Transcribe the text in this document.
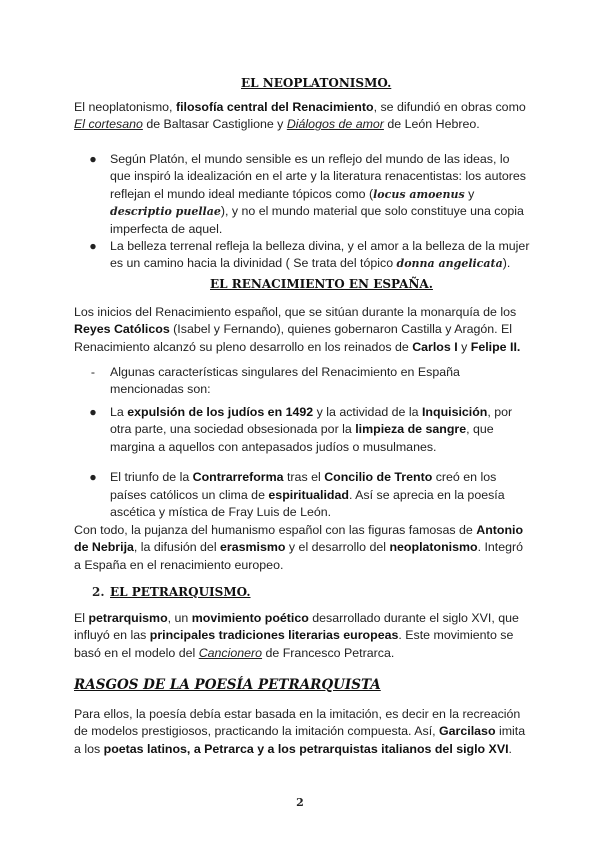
EL NEOPLATONISMO.

El neoplatonismo, filosofía central del Renacimiento, se difundió en obras como El cortesano de Baltasar Castiglione y Diálogos de amor de León Hebreo.

● Según Platón, el mundo sensible es un reflejo del mundo de las ideas, lo que inspiró la idealización en el arte y la literatura renacentistas: los autores reflejan el mundo ideal mediante tópicos como (locus amoenus y descriptio puellae), y no el mundo material que solo constituye una copia imperfecta de aquel.
● La belleza terrenal refleja la belleza divina, y el amor a la belleza de la mujer es un camino hacia la divinidad ( Se trata del tópico donna angelicata).
EL RENACIMIENTO EN ESPAÑA.

Los inicios del Renacimiento español, que se sitúan durante la monarquía de los Reyes Católicos (Isabel y Fernando), quienes gobernaron Castilla y Aragón. El Renacimiento alcanzó su pleno desarrollo en los reinados de Carlos I y Felipe II.

- Algunas características singulares del Renacimiento en España mencionadas son:
● La expulsión de los judíos en 1492 y la actividad de la Inquisición, por otra parte, una sociedad obsesionada por la limpieza de sangre, que margina a aquellos con antepasados judíos o musulmanes.
● El triunfo de la Contrarreforma tras el Concilio de Trento creó en los países católicos un clima de espiritualidad. Así se aprecia en la poesía ascética y mística de Fray Luis de León.

Con todo, la pujanza del humanismo español con las figuras famosas de Antonio de Nebrija, la difusión del erasmismo y el desarrollo del neoplatonismo. Integró a España en el renacimiento europeo.

2. EL PETRARQUISMO.

El petrarquismo, un movimiento poético desarrollado durante el siglo XVI, que influyó en las principales tradiciones literarias europeas. Este movimiento se basó en el modelo del Cancionero de Francesco Petrarca.

RASGOS DE LA POESÍA PETRARQUISTA

Para ellos, la poesía debía estar basada en la imitación, es decir en la recreación de modelos prestigiosos, practicando la imitación compuesta. Así, Garcilaso imita a los poetas latinos, a Petrarca y a los petrarquistas italianos del siglo XVI.

2
